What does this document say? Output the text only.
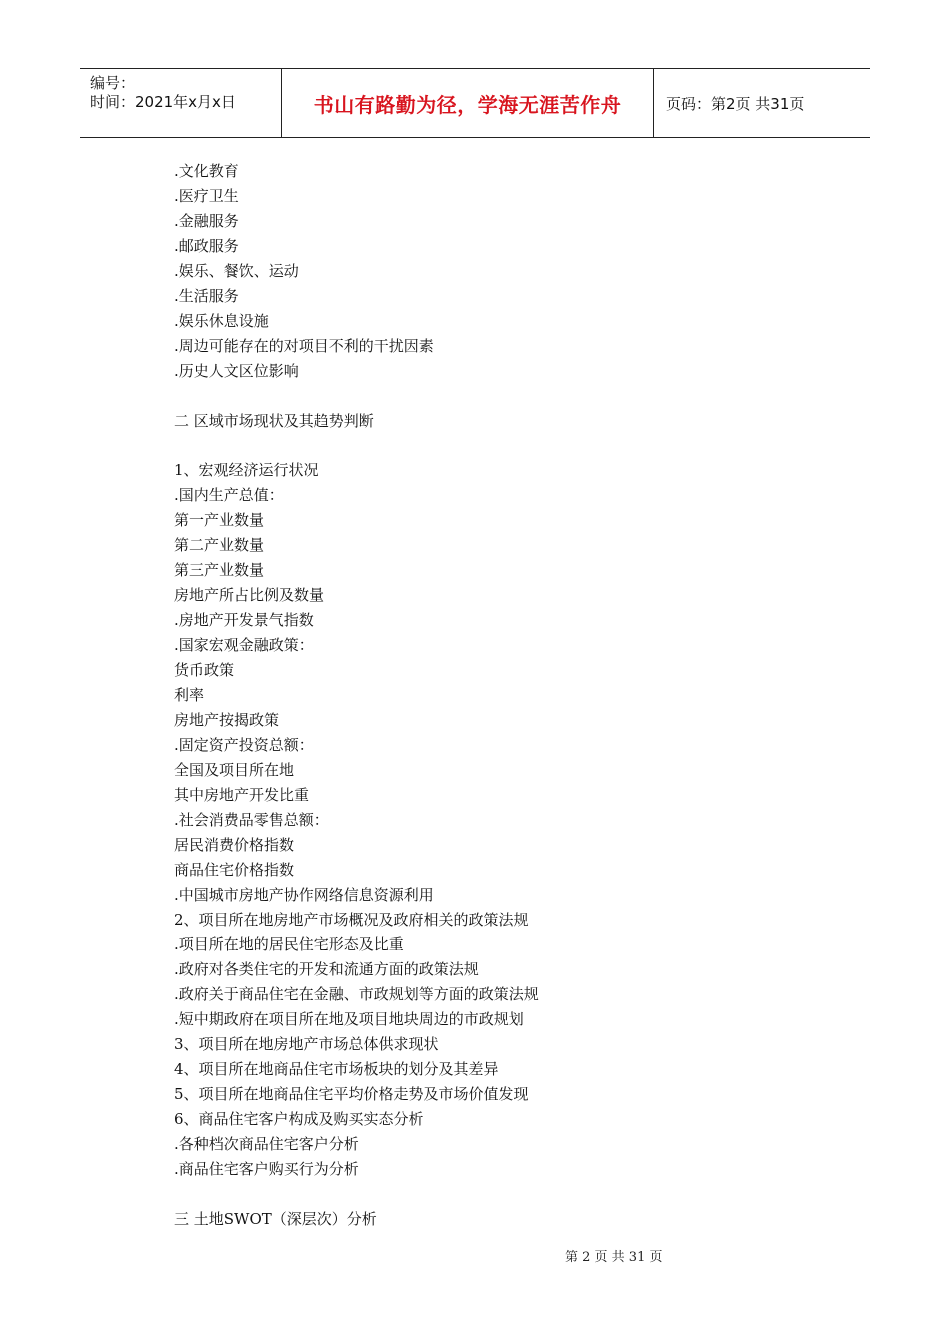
编号：
时间：2021年x月x日	书山有路勤为径，学海无涯苦作舟	页码：第2页 共31页
.文化教育
.医疗卫生
.金融服务
.邮政服务
.娱乐、餐饮、运动
.生活服务
.娱乐休息设施
.周边可能存在的对项目不利的干扰因素
.历史人文区位影响
二 区域市场现状及其趋势判断
1、宏观经济运行状况
.国内生产总值：
第一产业数量
第二产业数量
第三产业数量
房地产所占比例及数量
.房地产开发景气指数
.国家宏观金融政策：
货币政策
利率
房地产按揭政策
.固定资产投资总额：
全国及项目所在地
其中房地产开发比重
.社会消费品零售总额：
居民消费价格指数
商品住宅价格指数
.中国城市房地产协作网络信息资源利用
2、项目所在地房地产市场概况及政府相关的政策法规
.项目所在地的居民住宅形态及比重
.政府对各类住宅的开发和流通方面的政策法规
.政府关于商品住宅在金融、市政规划等方面的政策法规
.短中期政府在项目所在地及项目地块周边的市政规划
3、项目所在地房地产市场总体供求现状
4、项目所在地商品住宅市场板块的划分及其差异
5、项目所在地商品住宅平均价格走势及市场价值发现
6、商品住宅客户构成及购买实态分析
.各种档次商品住宅客户分析
.商品住宅客户购买行为分析
三 土地SWOT（深层次）分析
第 2 页 共 31 页
